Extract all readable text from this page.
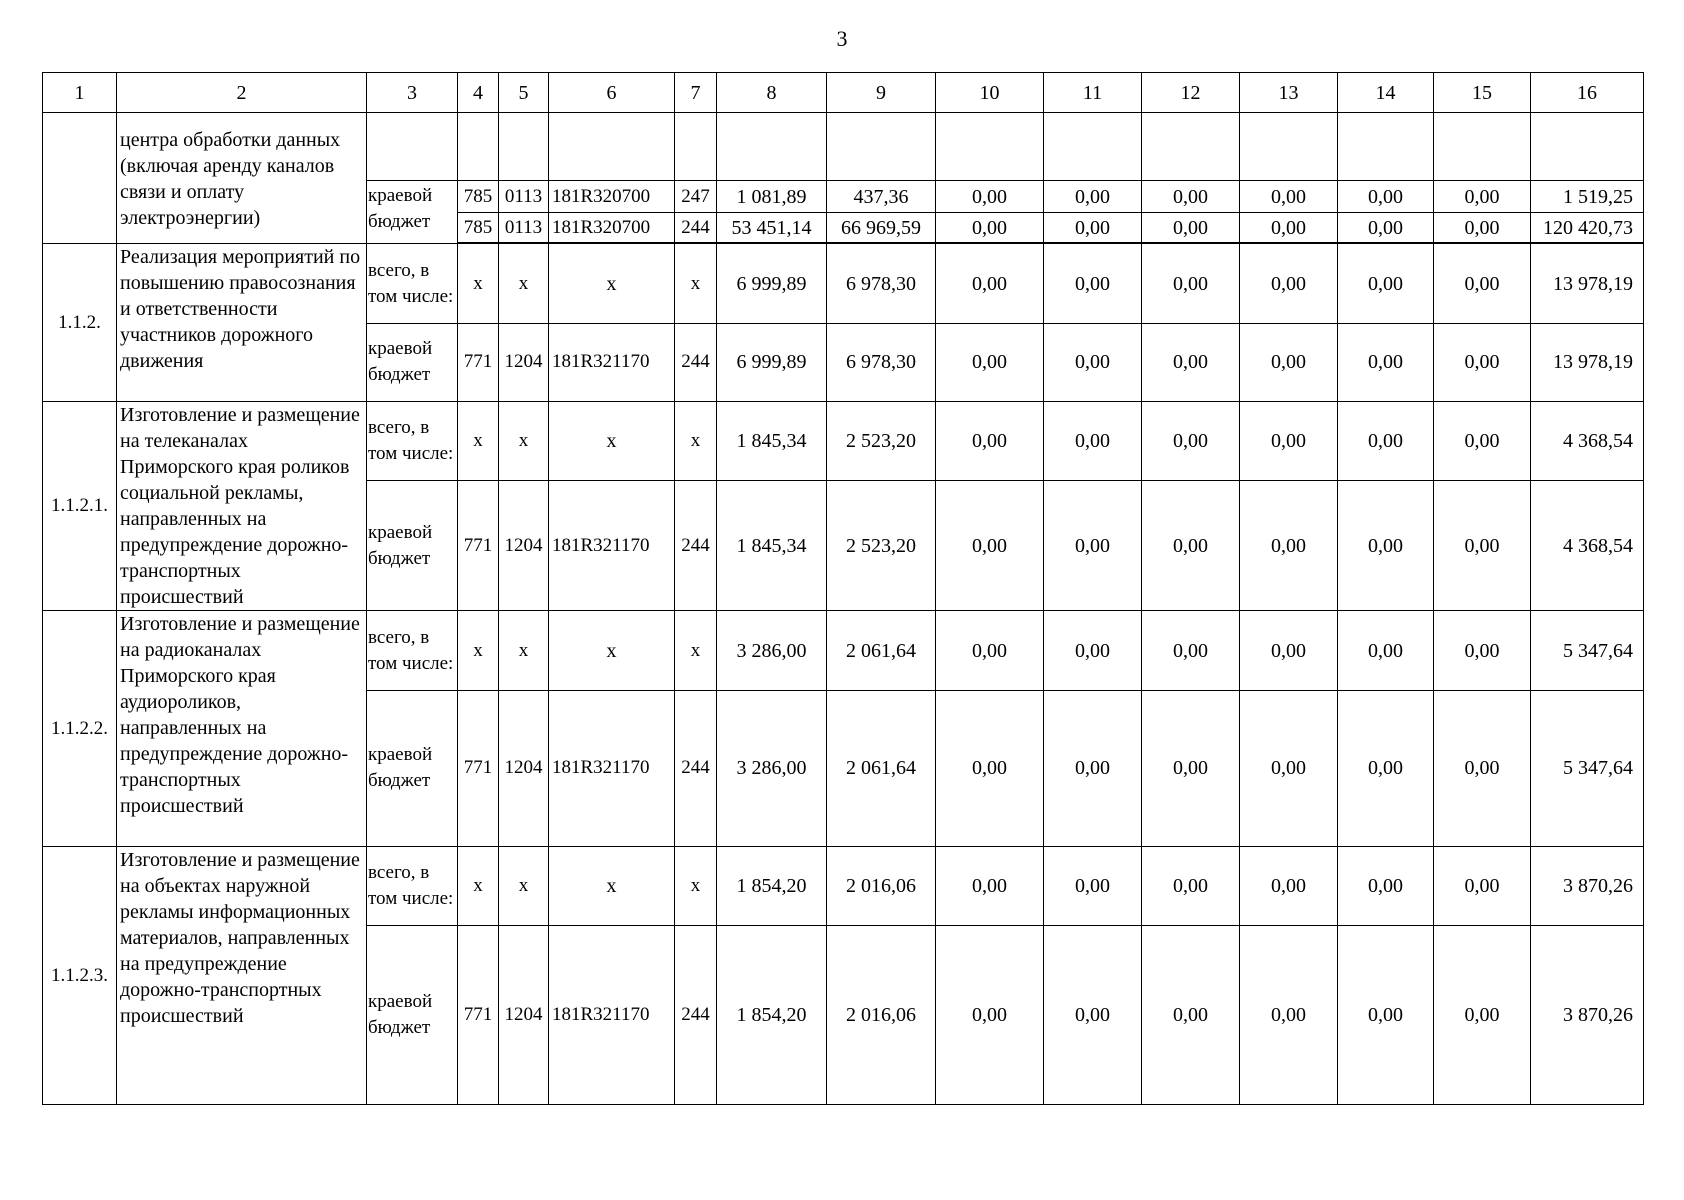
3
1	2	3	4	5	6	7	8	9	10	11	12	13	14	15	16
	центра обработки данных (включая аренду каналов связи и оплату электроэнергии)														
		краевой бюджет	785	0113	181R320700	247	1 081,89	437,36	0,00	0,00	0,00	0,00	0,00	0,00	1 519,25
			785	0113	181R320700	244	53 451,14	66 969,59	0,00	0,00	0,00	0,00	0,00	0,00	120 420,73

1.1.2.	Реализация мероприятий по повышению правосознания и ответственности участников дорожного движения	всего, в том числе:	х	х	х	х	6 999,89	6 978,30	0,00	0,00	0,00	0,00	0,00	0,00	13 978,19
		краевой бюджет	771	1204	181R321170	244	6 999,89	6 978,30	0,00	0,00	0,00	0,00	0,00	0,00	13 978,19
1.1.2.1.	Изготовление и размещение на телеканалах Приморского края роликов социальной рекламы, направленных на предупреждение дорожно-транспортных происшествий	всего, в том числе:	х	х	х	х	1 845,34	2 523,20	0,00	0,00	0,00	0,00	0,00	0,00	4 368,54
		краевой бюджет	771	1204	181R321170	244	1 845,34	2 523,20	0,00	0,00	0,00	0,00	0,00	0,00	4 368,54
1.1.2.2.	Изготовление и размещение на радиоканалах Приморского края аудиороликов, направленных на предупреждение дорожно-транспортных происшествий	всего, в том числе:	х	х	х	х	3 286,00	2 061,64	0,00	0,00	0,00	0,00	0,00	0,00	5 347,64
		краевой бюджет	771	1204	181R321170	244	3 286,00	2 061,64	0,00	0,00	0,00	0,00	0,00	0,00	5 347,64
1.1.2.3.	Изготовление и размещение на объектах наружной рекламы информационных материалов, направленных на предупреждение дорожно-транспортных происшествий	всего, в том числе:	х	х	х	х	1 854,20	2 016,06	0,00	0,00	0,00	0,00	0,00	0,00	3 870,26
		краевой бюджет	771	1204	181R321170	244	1 854,20	2 016,06	0,00	0,00	0,00	0,00	0,00	0,00	3 870,26
